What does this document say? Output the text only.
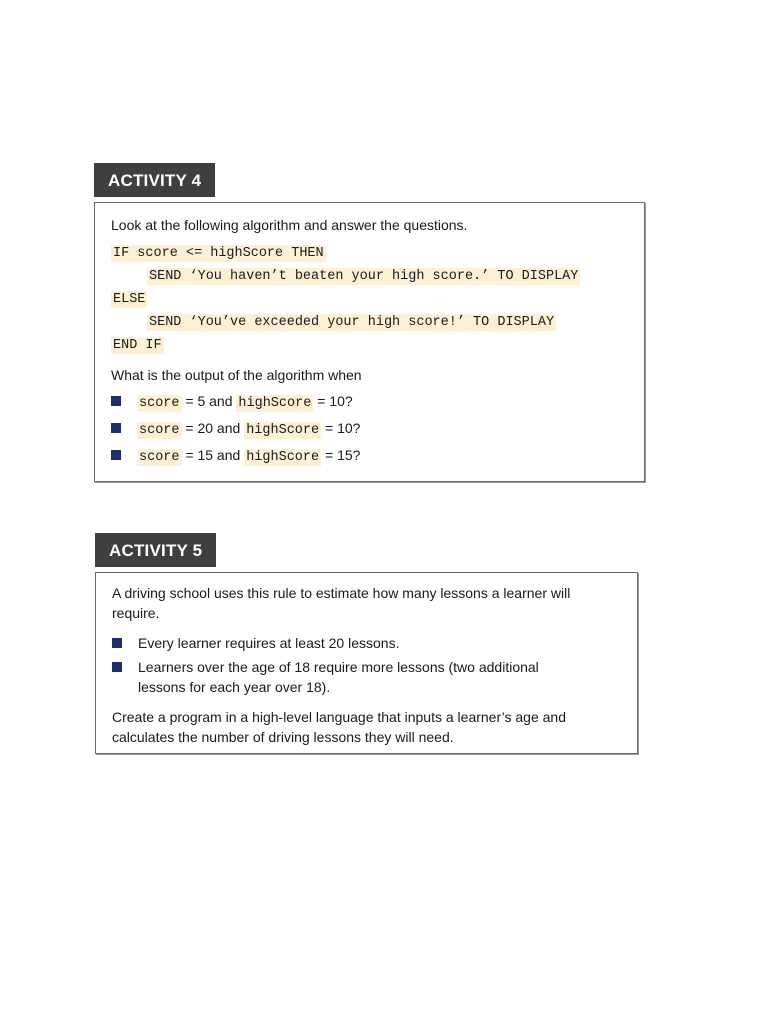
ACTIVITY 4

Look at the following algorithm and answer the questions.

IF score <= highScore THEN
SEND ‘You haven’t beaten your high score.’ TO DISPLAY
ELSE
SEND ‘You’ve exceeded your high score!’ TO DISPLAY
END IF

What is the output of the algorithm when

score = 5 and highScore = 10?
score = 20 and highScore = 10?
score = 15 and highScore = 15?
ACTIVITY 5

A driving school uses this rule to estimate how many lessons a learner will require.

Every learner requires at least 20 lessons.
Learners over the age of 18 require more lessons (two additional lessons for each year over 18).

Create a program in a high-level language that inputs a learner’s age and calculates the number of driving lessons they will need.
